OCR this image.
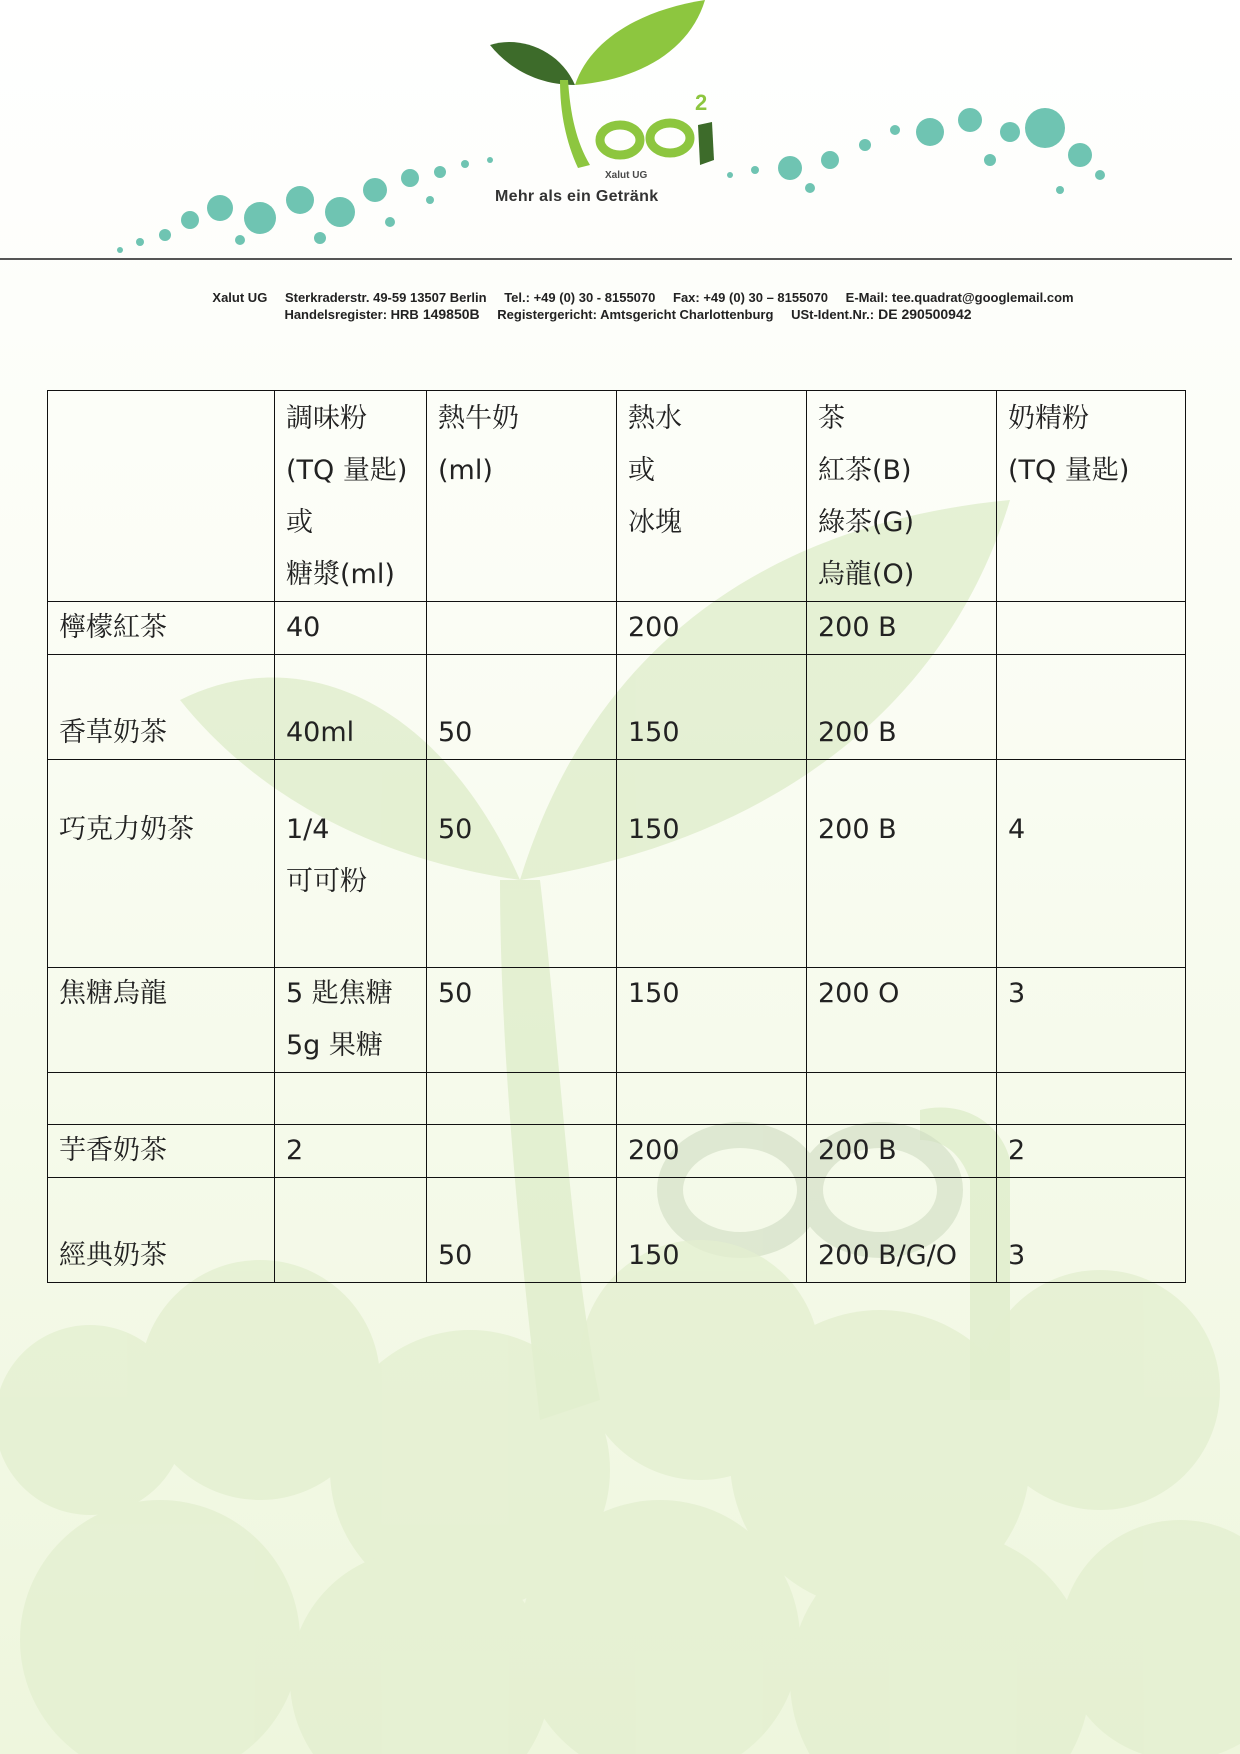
2
Xalut UG
Mehr als ein Getränk
Xalut UG Sterkraderstr. 49-59 13507 Berlin Tel.: +49 (0) 30 - 8155070 Fax: +49 (0) 30 – 8155070 E-Mail: tee.quadrat@googlemail.com
Handelsregister: HRB 149850B Registergericht: Amtsgericht Charlottenburg USt-Ident.Nr.: DE 290500942

	調味粉
(TQ 量匙)
或
糖漿(ml)	熱牛奶
(ml)	熱水
或
冰塊	茶
紅茶(B)
綠茶(G)
烏龍(O)	奶精粉
(TQ 量匙)

檸檬紅茶	40		200	200 B	
香草奶茶	40ml	50	150	200 B	
巧克力奶茶	1/4
可可粉	50	150	200 B	4
焦糖烏龍	5 匙焦糖
5g 果糖	50	150	200 O	3

芋香奶茶	2		200	200 B	2
經典奶茶		50	150	200 B/G/O	3
